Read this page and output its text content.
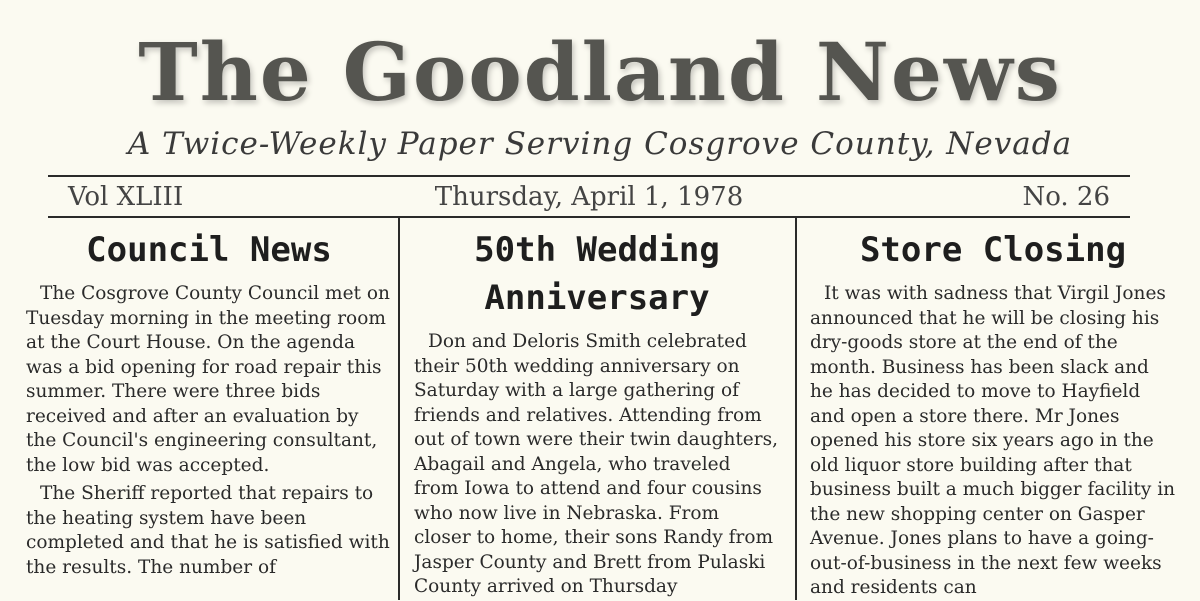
The Goodland News
A Twice-Weekly Paper Serving Cosgrove County, Nevada
Vol XLIII	Thursday, April 1, 1978	No. 26
Council News

The Cosgrove County Council met on Tuesday morning in the meeting room at the Court House. On the agenda was a bid opening for road repair this summer. There were three bids received and after an evaluation by the Council's engineering consultant, the low bid was accepted.

The Sheriff reported that repairs to the heating system have been completed and that he is satisfied with the results. The number of

50th Wedding Anniversary

Don and Deloris Smith celebrated their 50th wedding anniversary on Saturday with a large gathering of friends and relatives. Attending from out of town were their twin daughters, Abagail and Angela, who traveled from Iowa to attend and four cousins who now live in Nebraska. From closer to home, their sons Randy from Jasper County and Brett from Pulaski County arrived on Thursday

Store Closing

It was with sadness that Virgil Jones announced that he will be closing his dry-goods store at the end of the month. Business has been slack and he has decided to move to Hayfield and open a store there. Mr Jones opened his store six years ago in the old liquor store building after that business built a much bigger facility in the new shopping center on Gasper Avenue. Jones plans to have a going-out-of-business in the next few weeks and residents can
